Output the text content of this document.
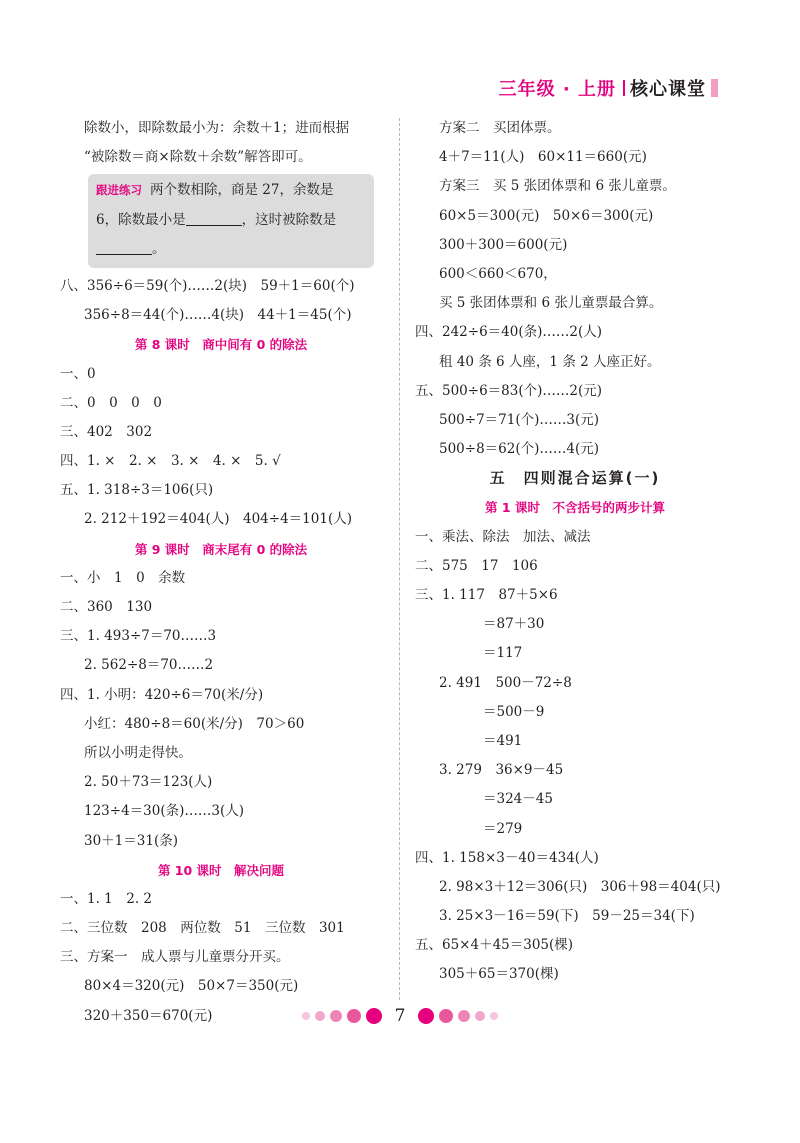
三年级 · 上册 核心课堂
除数小，即除数最小为：余数＋1；进而根据
“被除数＝商×除数＋余数”解答即可。
跟进练习 两个数相除，商是 27，余数是
6，除数最小是	，这时被除数是
。
八、356÷6＝59(个)……2(块)　59＋1＝60(个)
356÷8＝44(个)……4(块)　44＋1＝45(个)
第 8 课时　商中间有 0 的除法
一、0
二、0　0　0　0
三、402　302
四、1. ×　2. ×　3. ×　4. ×　5. √
五、1. 318÷3＝106(只)
2. 212＋192＝404(人)　404÷4＝101(人)
第 9 课时　商末尾有 0 的除法
一、小　1　0　余数
二、360　130
三、1. 493÷7＝70……3
2. 562÷8＝70……2
四、1. 小明：420÷6＝70(米/分)
小红：480÷8＝60(米/分)　70＞60
所以小明走得快。
2. 50＋73＝123(人)
123÷4＝30(条)……3(人)
30＋1＝31(条)
第 10 课时　解决问题
一、1. 1　2. 2
二、三位数　208　两位数　51　三位数　301
三、方案一　成人票与儿童票分开买。
80×4＝320(元)　50×7＝350(元)
320＋350＝670(元)
方案二　买团体票。
4＋7＝11(人)　60×11＝660(元)
方案三　买 5 张团体票和 6 张儿童票。
60×5＝300(元)　50×6＝300(元)
300＋300＝600(元)
600＜660＜670，
买 5 张团体票和 6 张儿童票最合算。
四、242÷6＝40(条)……2(人)
租 40 条 6 人座，1 条 2 人座正好。
五、500÷6＝83(个)……2(元)
500÷7＝71(个)……3(元)
500÷8＝62(个)……4(元)
五　四则混合运算(一)
第 1 课时　不含括号的两步计算
一、乘法、除法　加法、减法
二、575　17　106
三、1. 117　87＋5×6
＝87＋30
＝117
2. 491　500－72÷8
＝500－9
＝491
3. 279　36×9－45
＝324－45
＝279
四、1. 158×3－40＝434(人)
2. 98×3＋12＝306(只)　306＋98＝404(只)
3. 25×3－16＝59(下)　59－25＝34(下)
五、65×4＋45＝305(棵)
305＋65＝370(棵)
7
